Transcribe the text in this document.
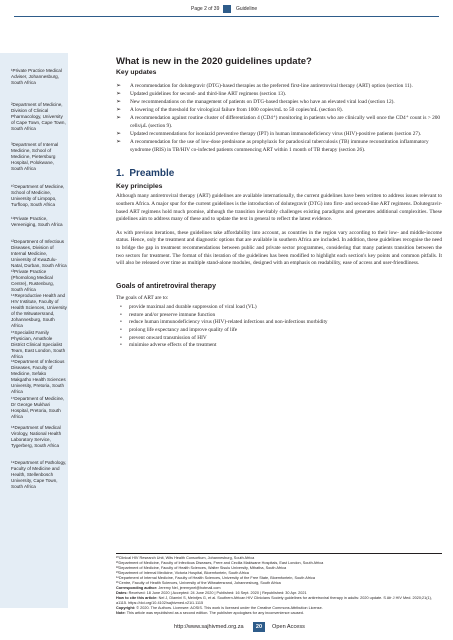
Page 2 of 39	Guideline
¹Private Practice Medical Adviser, Johannesburg, South Africa
²Department of Medicine, Division of Clinical Pharmacology, University of Cape Town, Cape Town, South Africa
³Department of Internal Medicine, School of Medicine, Pietersburg Hospital, Polokwane, South Africa
¹⁰Department of Medicine, School of Medicine, University of Limpopo, Turfloop, South Africa
¹¹Private Practice, Vereeniging, South Africa
¹²Department of Infectious Diseases, Division of Internal Medicine, University of KwaZulu-Natal, Durban, South Africa
¹³Private Practice (Phomolong Medical Centre), Rustenburg, South Africa
¹⁴Reproductive Health and HIV Institute, Faculty of Health Sciences, University of the Witwatersrand, Johannesburg, South Africa
¹⁵Specialist Family Physician, Amathole District Clinical Specialist Team, East London, South Africa
¹⁶Department of Infectious Diseases, Faculty of Medicine, Sefako Makgatho Health Sciences University, Pretoria, South Africa
¹⁷Department of Medicine, Dr George Mukhari Hospital, Pretoria, South Africa
¹⁸Department of Medical Virology, National Health Laboratory Service, Tygerberg, South Africa
¹⁹Department of Pathology, Faculty of Medicine and Health, Stellenbosch University, Cape Town, South Africa
What is new in the 2020 guidelines update?
Key updates
➢ A recommendation for dolutegravir (DTG)-based therapies as the preferred first-line antiretroviral therapy (ART) option (section 11).
➢ Updated guidelines for second- and third-line ART regimens (section 13).
➢ New recommendations on the management of patients on DTG-based therapies who have an elevated viral load (section 12).
➢ A lowering of the threshold for virological failure from 1000 copies/mL to 50 copies/mL (section 8).
➢ A recommendation against routine cluster of differentiation 4 (CD4⁺) monitoring in patients who are clinically well once the CD4⁺ count is > 200 cells/μL (section 9).
➢ Updated recommendations for isoniazid preventive therapy (IPT) in human immunodeficiency virus (HIV)-positive patients (section 27).
➢ A recommendation for the use of low-dose prednisone as prophylaxis for paradoxical tuberculosis (TB) immune reconstitution inflammatory syndrome (IRIS) in TB/HIV co-infected patients commencing ART within 1 month of TB therapy (section 26).
1. Preamble
Key principles

Although many antiretroviral therapy (ART) guidelines are available internationally, the current guidelines have been written to address issues relevant to southern Africa. A major spur for the current guidelines is the introduction of dolutegravir (DTG) into first- and second-line ART regimens. Dolutegravir-based ART regimens hold much promise, although the transition inevitably challenges existing paradigms and generates additional complexities. These guidelines aim to address many of these and to update the text in general to reflect the latest evidence.

As with previous iterations, these guidelines take affordability into account, as countries in the region vary according to their low- and middle-income status. Hence, only the treatment and diagnostic options that are available in southern Africa are included. In addition, these guidelines recognise the need to bridge the gap in treatment recommendations between public and private sector programmes, considering that many patients transition between the two sectors for treatment. The format of this iteration of the guidelines has been modified to highlight each section's key points and common pitfalls. It will also be released over time as multiple stand-alone modules, designed with an emphasis on readability, ease of access and user-friendliness.

Goals of antiretroviral therapy

The goals of ART are to:

• provide maximal and durable suppression of viral load (VL)
• restore and/or preserve immune function
• reduce human immunodeficiency virus (HIV)-related infectious and non-infectious morbidity
• prolong life expectancy and improve quality of life
• prevent onward transmission of HIV
• minimise adverse effects of the treatment

²⁰Clinical HIV Research Unit, Wits Health Consortium, Johannesburg, South Africa

²¹Department of Medicine, Faculty of Infectious Diseases, Frere and Cecilia Makiwane Hospitals, East London, South Africa

²²Department of Medicine, Faculty of Health Sciences, Walter Sisulu University, Mthatha, South Africa

²³Department of Internal Medicine, Victoria Hospital, Bloemfontein, South Africa

²⁴Department of Internal Medicine, Faculty of Health Sciences, University of the Free State, Bloemfontein, South Africa

²⁵Centre, Faculty of Health Sciences, University of the Witwatersrand, Johannesburg, South Africa

Corresponding author: Jeremy Nel, jeremynel@hotmail.com

Dates: Received: 18 June 2020 | Accepted: 24 June 2020 | Published: 16 Sept. 2020 | Republished: 30 Apr. 2021

How to cite this article: Nel J, Dlamini S, Meintjes G, et al. Southern African HIV Clinicians Society guidelines for antiretroviral therapy in adults: 2020 update. S Afr J HIV Med. 2020;21(1), a1115. https://doi.org/10.4102/sajhivmed.v21i1.1115

Copyright: © 2020. The Authors. Licensee: AOSIS. This work is licensed under the Creative Commons Attribution License.

Note: This article was republished as a second edition. The publisher apologises for any inconvenience caused.

http://www.sajhivmed.org.za	20	Open Access
